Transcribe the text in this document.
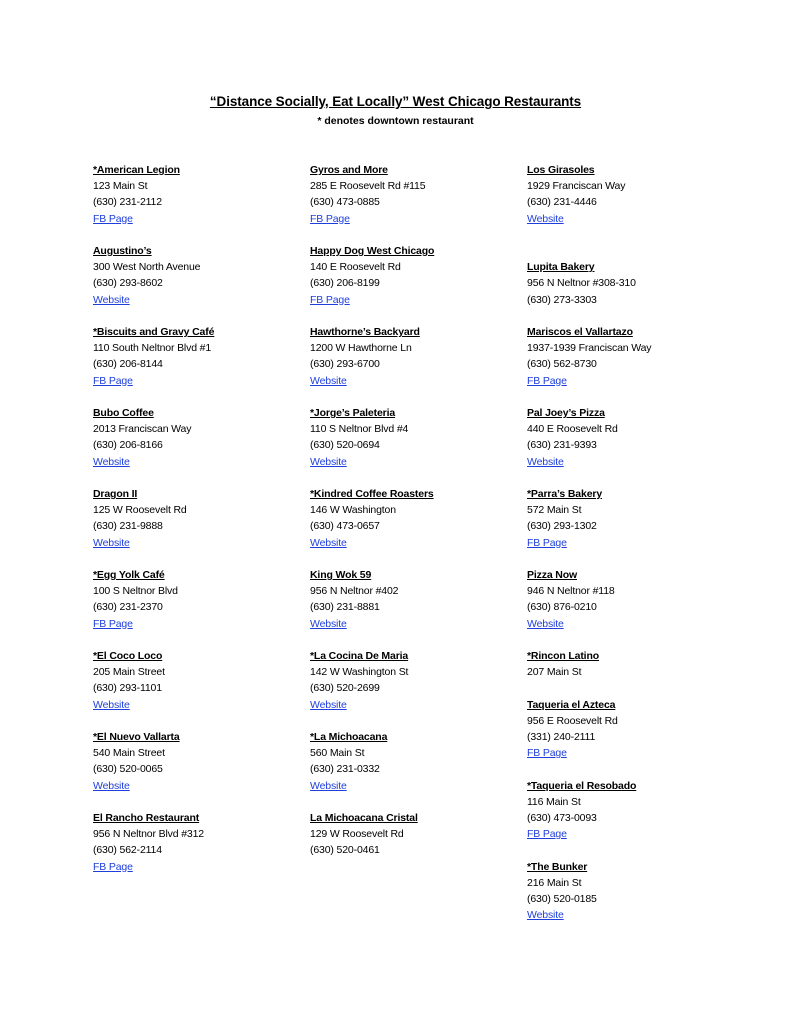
“Distance Socially, Eat Locally” West Chicago Restaurants
* denotes downtown restaurant
*American Legion
123 Main St
(630) 231-2112
FB Page
Augustino’s
300 West North Avenue
(630) 293-8602
Website
*Biscuits and Gravy Café
110 South Neltnor Blvd #1
(630) 206-8144
FB Page
Bubo Coffee
2013 Franciscan Way
(630) 206-8166
Website
Dragon II
125 W Roosevelt Rd
(630) 231-9888
Website
*Egg Yolk Café
100 S Neltnor Blvd
(630) 231-2370
FB Page
*El Coco Loco
205 Main Street
(630) 293-1101
Website
*El Nuevo Vallarta
540 Main Street
(630) 520-0065
Website
El Rancho Restaurant
956 N Neltnor Blvd #312
(630) 562-2114
FB Page
Gyros and More
285 E Roosevelt Rd #115
(630) 473-0885
FB Page
Happy Dog West Chicago
140 E Roosevelt Rd
(630) 206-8199
FB Page
Hawthorne’s Backyard
1200 W Hawthorne Ln
(630) 293-6700
Website
*Jorge’s Paleteria
110 S Neltnor Blvd #4
(630) 520-0694
Website
*Kindred Coffee Roasters
146 W Washington
(630) 473-0657
Website
King Wok 59
956 N Neltnor #402
(630) 231-8881
Website
*La Cocina De Maria
142 W Washington St
(630) 520-2699
Website
*La Michoacana
560 Main St
(630) 231-0332
Website
La Michoacana Cristal
129 W Roosevelt Rd
(630) 520-0461
Los Girasoles
1929 Franciscan Way
(630) 231-4446
Website
Lupita Bakery
956 N Neltnor #308-310
(630) 273-3303
Mariscos el Vallartazo
1937-1939 Franciscan Way
(630) 562-8730
FB Page
Pal Joey’s Pizza
440 E Roosevelt Rd
(630) 231-9393
Website
*Parra’s Bakery
572 Main St
(630) 293-1302
FB Page
Pizza Now
946 N Neltnor #118
(630) 876-0210
Website
*Rincon Latino
207 Main St
Taqueria el Azteca
956 E Roosevelt Rd
(331) 240-2111
FB Page
*Taqueria el Resobado
116 Main St
(630) 473-0093
FB Page
*The Bunker
216 Main St
(630) 520-0185
Website
